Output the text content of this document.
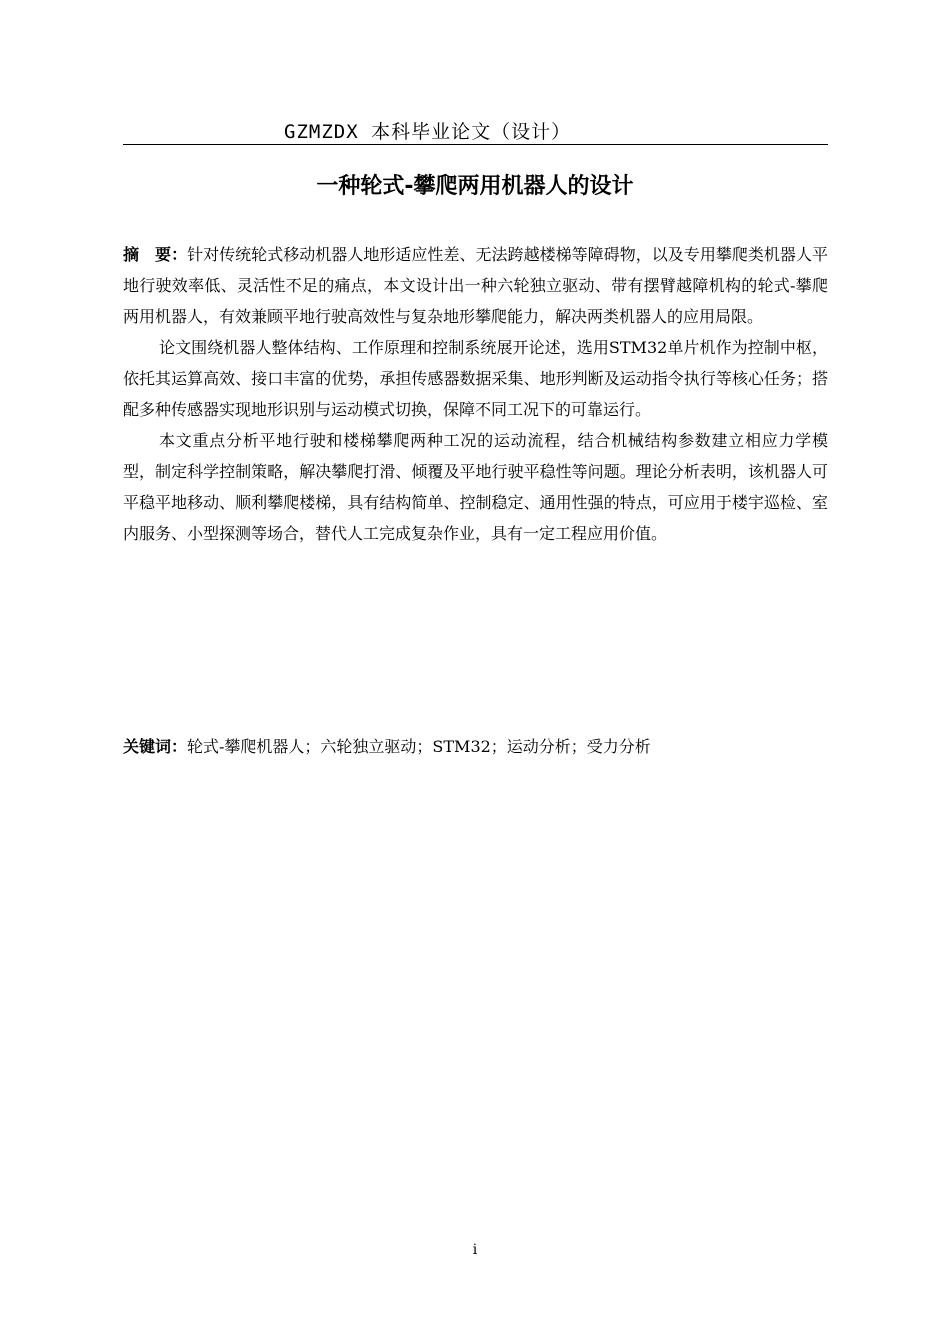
GZMZDX 本科毕业论文（设计）
一种轮式-攀爬两用机器人的设计

摘　要：针对传统轮式移动机器人地形适应性差、无法跨越楼梯等障碍物，以及专用攀爬类机器人平地行驶效率低、灵活性不足的痛点，本文设计出一种六轮独立驱动、带有摆臂越障机构的轮式-攀爬两用机器人，有效兼顾平地行驶高效性与复杂地形攀爬能力，解决两类机器人的应用局限。

论文围绕机器人整体结构、工作原理和控制系统展开论述，选用STM32单片机作为控制中枢，依托其运算高效、接口丰富的优势，承担传感器数据采集、地形判断及运动指令执行等核心任务；搭配多种传感器实现地形识别与运动模式切换，保障不同工况下的可靠运行。

本文重点分析平地行驶和楼梯攀爬两种工况的运动流程，结合机械结构参数建立相应力学模型，制定科学控制策略，解决攀爬打滑、倾覆及平地行驶平稳性等问题。理论分析表明，该机器人可平稳平地移动、顺利攀爬楼梯，具有结构简单、控制稳定、通用性强的特点，可应用于楼宇巡检、室内服务、小型探测等场合，替代人工完成复杂作业，具有一定工程应用价值。

关键词：轮式-攀爬机器人；六轮独立驱动；STM32；运动分析；受力分析
i
